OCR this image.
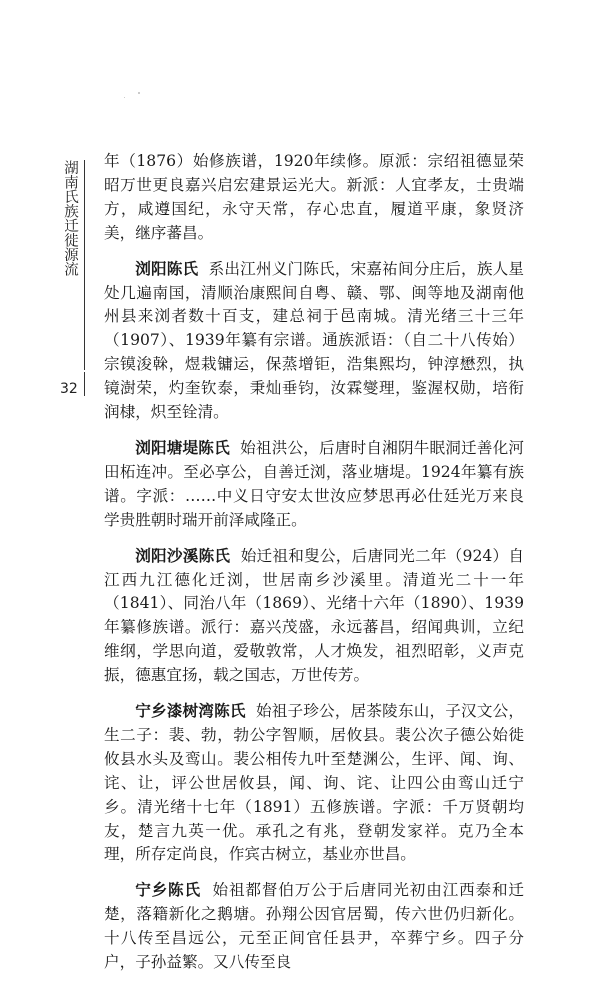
湖南氏族迁徙源流
32

年（1876）始修族谱，1920年续修。原派：宗绍祖德显荣昭万世更良嘉兴启宏建景运光大。新派：人宜孝友，士贵端方，咸遵国纪，永守天常，存心忠直，履道平康，象贤济美，继序蕃昌。

浏阳陈氏 系出江州义门陈氏，宋嘉祐间分庄后，族人星处几遍南国，清顺治康熙间自粤、赣、鄂、闽等地及湖南他州县来浏者数十百支，建总祠于邑南城。清光绪三十三年（1907）、1939年纂有宗谱。通族派语：（自二十八传始）宗镆浚榦，煜栽镛运，保蒸增钜，浩集熙均，钟淳懋烈，执镜澍荣，灼奎钦泰，秉灿垂钧，汝霖燮理，鉴渥权勋，培衔润棣，炽至铨清。

浏阳塘堤陈氏 始祖洪公，后唐时自湘阴牛眠洞迁善化河田柘连冲。至必享公，自善迁浏，落业塘堤。1924年纂有族谱。字派：……中义日守安太世汝应梦思再必仕廷光万来良学贵胜朝时瑞开前泽咸隆正。

浏阳沙溪陈氏 始迁祖和叟公，后唐同光二年（924）自江西九江德化迁浏，世居南乡沙溪里。清道光二十一年（1841）、同治八年（1869）、光绪十六年（1890）、1939年纂修族谱。派行：嘉兴茂盛，永远蕃昌，绍闻典训，立纪维纲，学思向道，爱敬敦常，人才焕发，祖烈昭彰，义声克振，德惠宜扬，载之国志，万世传芳。

宁乡漆树湾陈氏 始祖子珍公，居茶陵东山，子汉文公，生二子：裴、勃，勃公字智顺，居攸县。裴公次子德公始徙攸县水头及鸾山。裴公相传九叶至楚渊公，生评、闻、询、诧、让，评公世居攸县，闻、询、诧、让四公由鸾山迁宁乡。清光绪十七年（1891）五修族谱。字派：千万贤朝均友，楚言九英一优。承孔之有兆，登朝发家祥。克乃全本理，所存定尚良，作宾古树立，基业亦世昌。

宁乡陈氏 始祖都督伯万公于后唐同光初由江西泰和迁楚，落籍新化之鹅塘。孙翔公因官居蜀，传六世仍归新化。十八传至昌远公，元至正间官任县尹，卒葬宁乡。四子分户，子孙益繁。又八传至良
